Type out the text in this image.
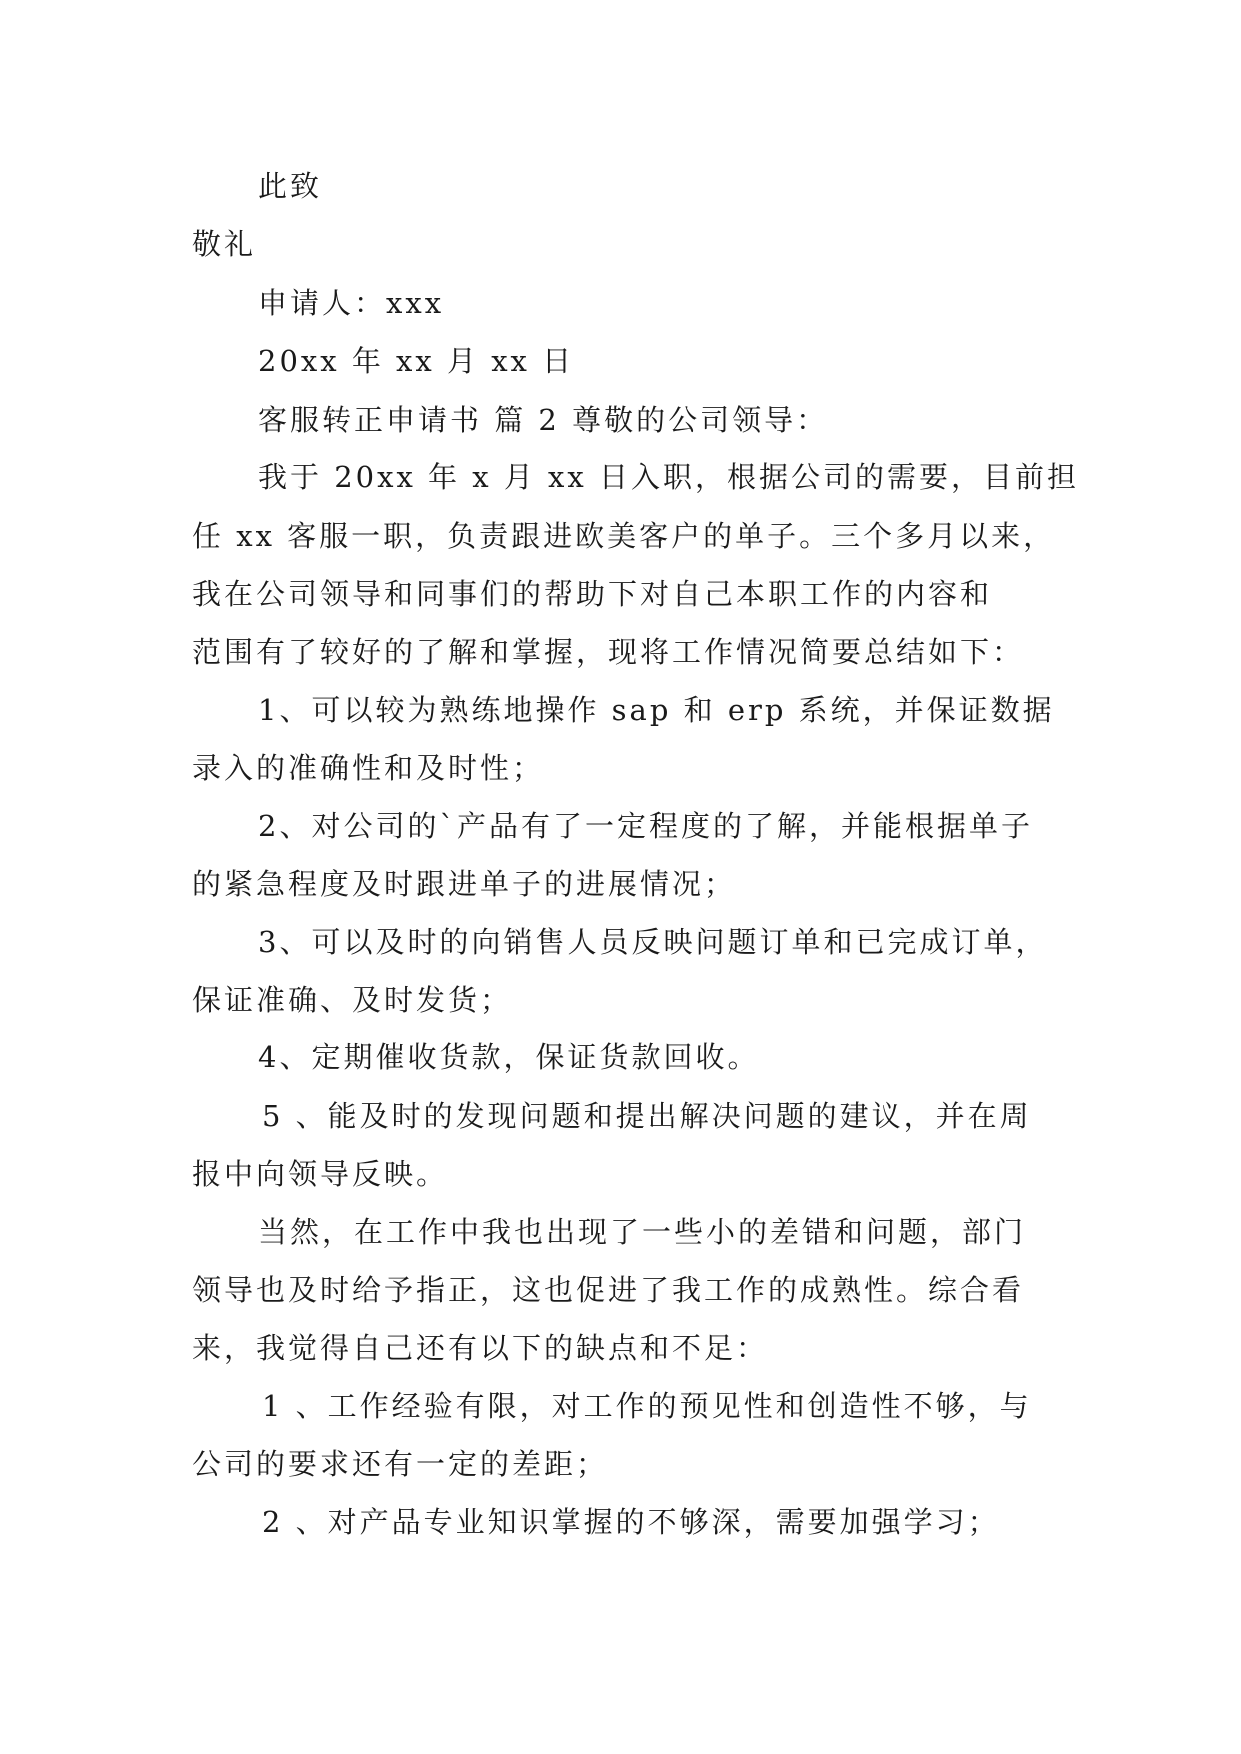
此致
敬礼
申请人：xxx
20xx 年 xx 月 xx 日
客服转正申请书 篇 2 尊敬的公司领导：
我于 20xx 年 x 月 xx 日入职，根据公司的需要，目前担
任 xx 客服一职，负责跟进欧美客户的单子。三个多月以来，
我在公司领导和同事们的帮助下对自己本职工作的内容和
范围有了较好的了解和掌握，现将工作情况简要总结如下：
1、可以较为熟练地操作 sap 和 erp 系统，并保证数据
录入的准确性和及时性；
2、对公司的`产品有了一定程度的了解，并能根据单子
的紧急程度及时跟进单子的进展情况；
3、可以及时的向销售人员反映问题订单和已完成订单，
保证准确、及时发货；
4、定期催收货款，保证货款回收。
5 、能及时的发现问题和提出解决问题的建议，并在周
报中向领导反映。
当然，在工作中我也出现了一些小的差错和问题，部门
领导也及时给予指正，这也促进了我工作的成熟性。综合看
来，我觉得自己还有以下的缺点和不足：
1 、工作经验有限，对工作的预见性和创造性不够，与
公司的要求还有一定的差距；
2 、对产品专业知识掌握的不够深，需要加强学习；
